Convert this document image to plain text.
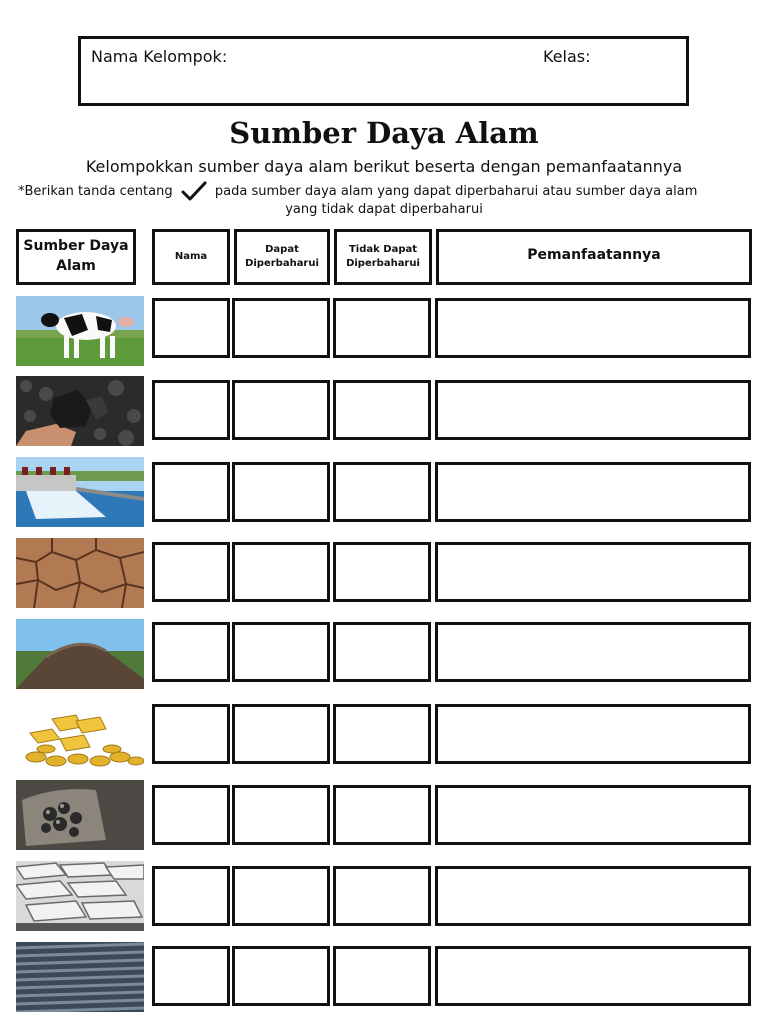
Nama Kelompok:	Kelas:
Sumber Daya Alam
Kelompokkan sumber daya alam berikut beserta dengan pemanfaatannya
*Berikan tanda centang	pada sumber daya alam yang dapat diperbaharui atau sumber daya alam
yang tidak dapat diperbaharui
Sumber Daya Alam
Nama
Dapat Diperbaharui
Tidak Dapat Diperbaharui
Pemanfaatannya
